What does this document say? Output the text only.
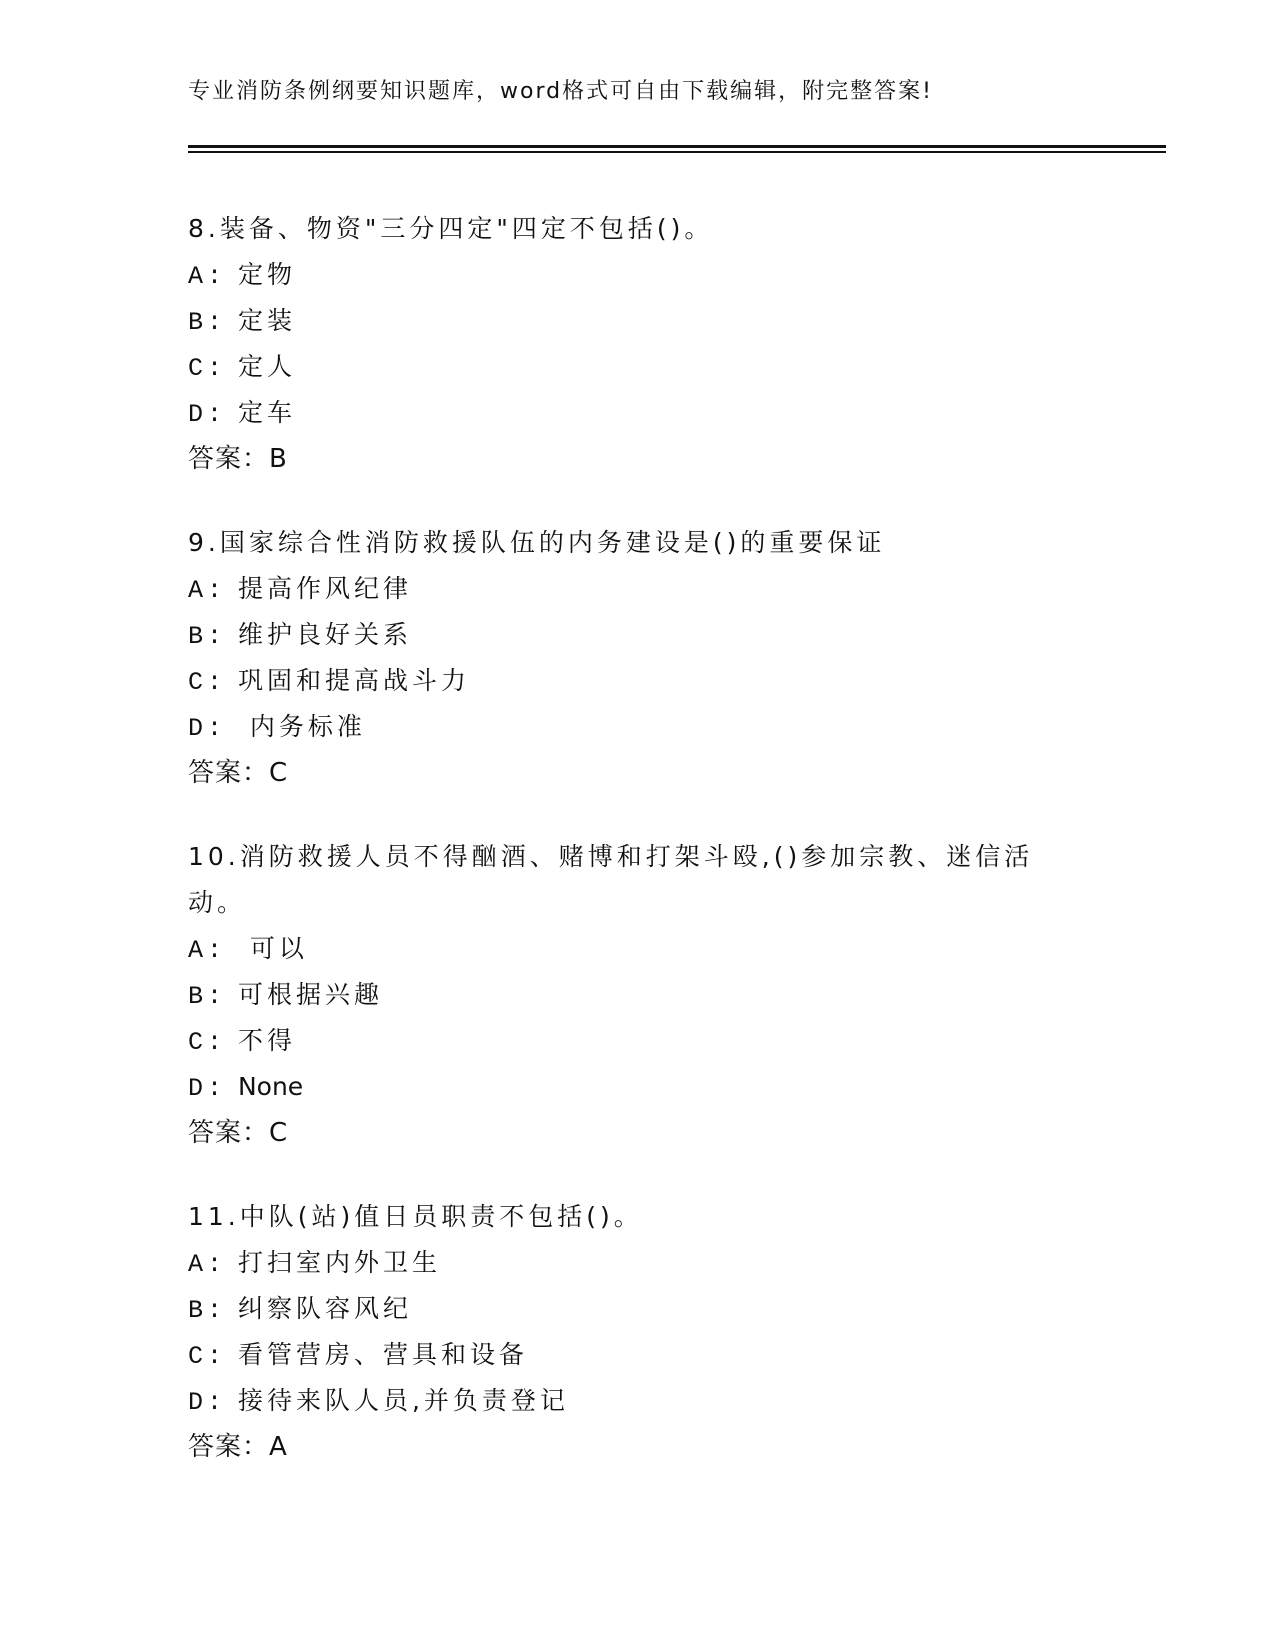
专业消防条例纲要知识题库，word格式可自由下载编辑，附完整答案!
8.装备、物资"三分四定"四定不包括()。
A: 定物
B: 定装
C: 定人
D: 定车
答案：B
9.国家综合性消防救援队伍的内务建设是()的重要保证
A: 提高作风纪律
B: 维护良好关系
C: 巩固和提高战斗力
D:  内务标准
答案：C
10.消防救援人员不得酗酒、赌博和打架斗殴,()参加宗教、迷信活动。
A:  可以
B: 可根据兴趣
C: 不得
D: None
答案：C
11.中队(站)值日员职责不包括()。
A: 打扫室内外卫生
B: 纠察队容风纪
C: 看管营房、营具和设备
D: 接待来队人员,并负责登记
答案：A
